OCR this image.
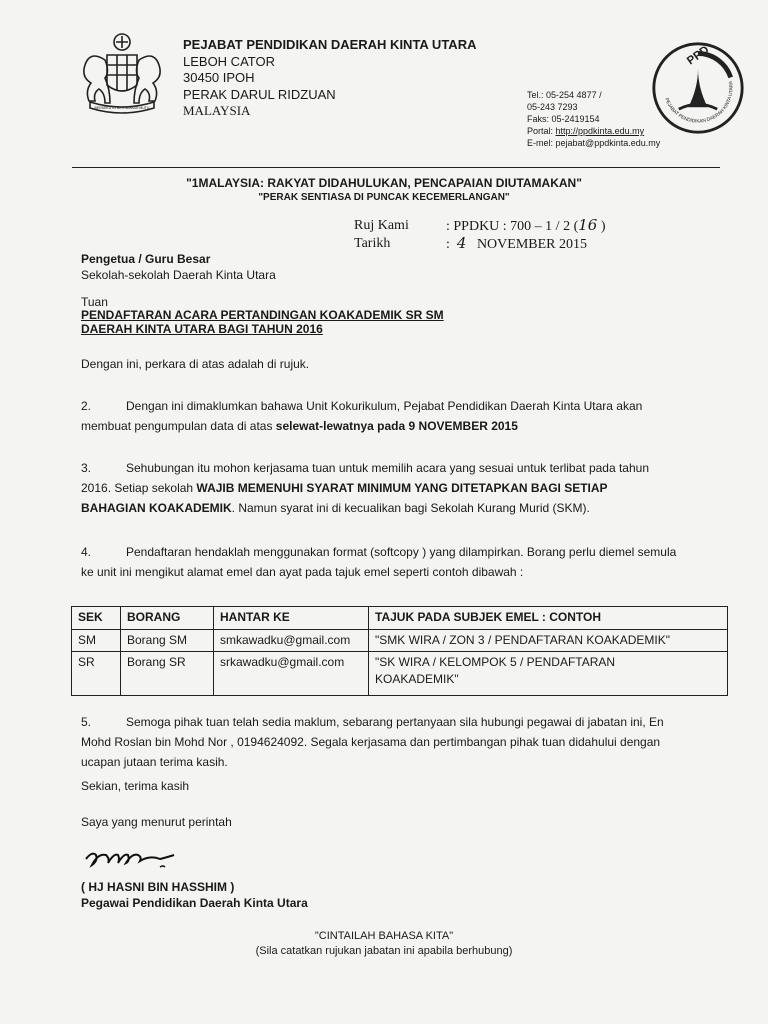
BERSEKUTU BERTAMBAH MUTU
PEJABAT PENDIDIKAN DAERAH KINTA UTARA
LEBOH CATOR
30450 IPOH
PERAK DARUL RIDZUAN
MALAYSIA
Tel.: 05-254 4877 /
05-243 7293
Faks: 05-2419154
Portal: http://ppdkinta.edu.my
E-mel: pejabat@ppdkinta.edu.my
PPD
PEJABAT PENDIDIKAN DAERAH KINTA UTARA
"1MALAYSIA: RAKYAT DIDAHULUKAN, PENCAPAIAN DIUTAMAKAN"
"PERAK SENTIASA DI PUNCAK KECEMERLANGAN"
Ruj Kami	: PPDKU : 700 – 1 / 2 (16 )
Tarikh	: 4 NOVEMBER 2015
Pengetua / Guru Besar
Sekolah-sekolah Daerah Kinta Utara
Tuan
PENDAFTARAN ACARA PERTANDINGAN KOAKADEMIK SR SM
DAERAH KINTA UTARA BAGI TAHUN 2016
Dengan ini, perkara di atas adalah di rujuk.
2.	Dengan ini dimaklumkan bahawa Unit Kokurikulum, Pejabat Pendidikan Daerah Kinta Utara akan
membuat pengumpulan data di atas selewat-lewatnya pada 9 NOVEMBER 2015
3.	Sehubungan itu mohon kerjasama tuan untuk memilih acara yang sesuai untuk terlibat pada tahun
2016. Setiap sekolah WAJIB MEMENUHI SYARAT MINIMUM YANG DITETAPKAN BAGI SETIAP
BAHAGIAN KOAKADEMIK. Namun syarat ini di kecualikan bagi Sekolah Kurang Murid (SKM).
4.	Pendaftaran hendaklah menggunakan format (softcopy ) yang dilampirkan. Borang perlu diemel semula
ke unit ini mengikut alamat emel dan ayat pada tajuk emel seperti contoh dibawah :
SEK	BORANG	HANTAR KE	TAJUK PADA SUBJEK EMEL : CONTOH
SM	Borang SM	smkawadku@gmail.com	"SMK WIRA / ZON 3 / PENDAFTARAN KOAKADEMIK"
SR	Borang SR	srkawadku@gmail.com	"SK WIRA / KELOMPOK 5 / PENDAFTARAN
KOAKADEMIK"
5.	Semoga pihak tuan telah sedia maklum, sebarang pertanyaan sila hubungi pegawai di jabatan ini, En
Mohd Roslan bin Mohd Nor , 0194624092. Segala kerjasama dan pertimbangan pihak tuan didahului dengan
ucapan jutaan terima kasih.
Sekian, terima kasih
Saya yang menurut perintah
( HJ HASNI BIN HASSHIM )
Pegawai Pendidikan Daerah Kinta Utara
"CINTAILAH BAHASA KITA"
(Sila catatkan rujukan jabatan ini apabila berhubung)
